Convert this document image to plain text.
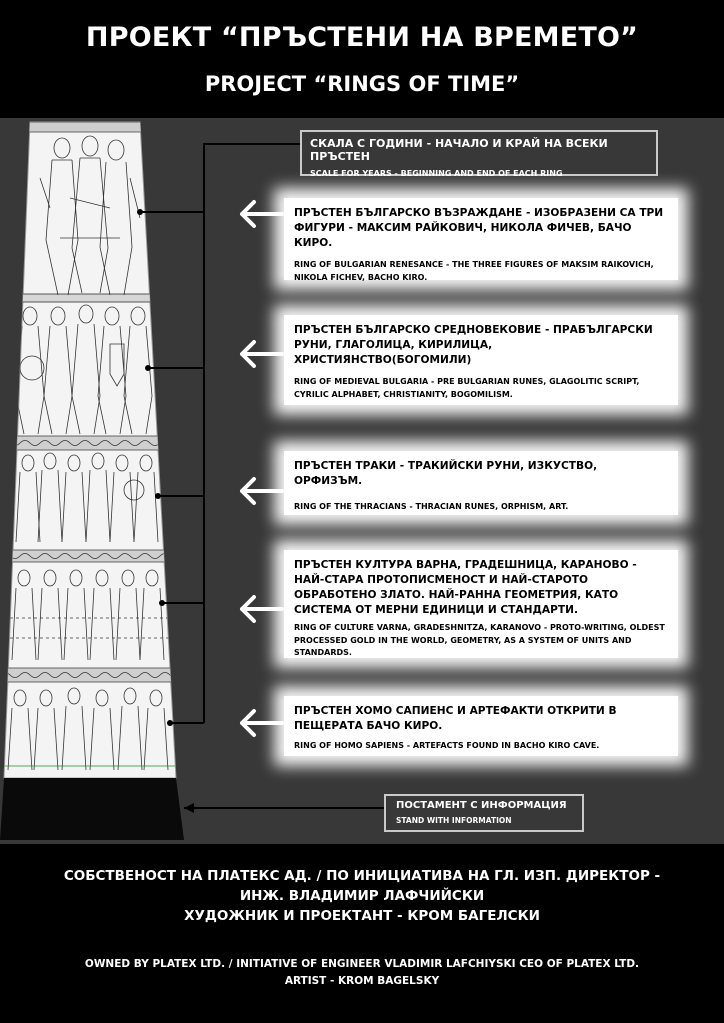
ПРОЕКТ “ПРЪСТЕНИ НА ВРЕМЕТО”
PROJECT “RINGS OF TIME”
СКАЛА С ГОДИНИ - НАЧАЛО И КРАЙ НА ВСЕКИ ПРЪСТЕН
SCALE FOR YEARS - BEGINNING AND END OF EACH RING
ПРЪСТЕН БЪЛГАРСКО ВЪЗРАЖДАНЕ - ИЗОБРАЗЕНИ СА ТРИ ФИГУРИ - МАКСИМ РАЙКОВИЧ, НИКОЛА ФИЧЕВ, БАЧО КИРО.
RING OF BULGARIAN RENESANCE - THE THREE FIGURES OF MAKSIM RAIKOVICH, NIKOLA FICHEV, BACHO KIRO.
ПРЪСТЕН БЪЛГАРСКО СРЕДНОВЕКОВИЕ - ПРАБЪЛГАРСКИ РУНИ, ГЛАГОЛИЦА, КИРИЛИЦА, ХРИСТИЯНСТВО(БОГОМИЛИ)
RING OF MEDIEVAL BULGARIA - PRE BULGARIAN RUNES, GLAGOLITIC SCRIPT, CYRILIC ALPHABET, CHRISTIANITY, BOGOMILISM.
ПРЪСТЕН ТРАКИ - ТРАКИЙСКИ РУНИ, ИЗКУСТВО, ОРФИЗЪМ.
RING OF THE THRACIANS - THRACIAN RUNES, ORPHISM, ART.
ПРЪСТЕН КУЛТУРА ВАРНА, ГРАДЕШНИЦА, КАРАНОВО - НАЙ-СТАРА ПРОТОПИСМЕНОСТ И НАЙ-СТАРОТО ОБРАБОТЕНО ЗЛАТО. НАЙ-РАННА ГЕОМЕТРИЯ, КАТО СИСТЕМА ОТ МЕРНИ ЕДИНИЦИ И СТАНДАРТИ.
RING OF CULTURE VARNA, GRADESHNITZA, KARANOVO - PROTO-WRITING, OLDEST PROCESSED GOLD IN THE WORLD, GEOMETRY, AS A SYSTEM OF UNITS AND STANDARDS.
ПРЪСТЕН ХОМО САПИЕНС И АРТЕФАКТИ ОТКРИТИ В ПЕЩЕРАТА БАЧО КИРО.
RING OF HOMO SAPIENS - ARTEFACTS FOUND IN BACHO KIRO CAVE.
ПОСТАМЕНТ С ИНФОРМАЦИЯ
STAND WITH INFORMATION
СОБСТВЕНОСТ НА ПЛАТЕКС АД. / ПО ИНИЦИАТИВА НА ГЛ. ИЗП. ДИРЕКТОР -
ИНЖ. ВЛАДИМИР ЛАФЧИЙСКИ
ХУДОЖНИК И ПРОЕКТАНТ - КРОМ БАГЕЛСКИ
OWNED BY PLATEX LTD. / INITIATIVE OF ENGINEER VLADIMIR LAFCHIYSKI CEO OF PLATEX LTD.
ARTIST - KROM BAGELSKY
